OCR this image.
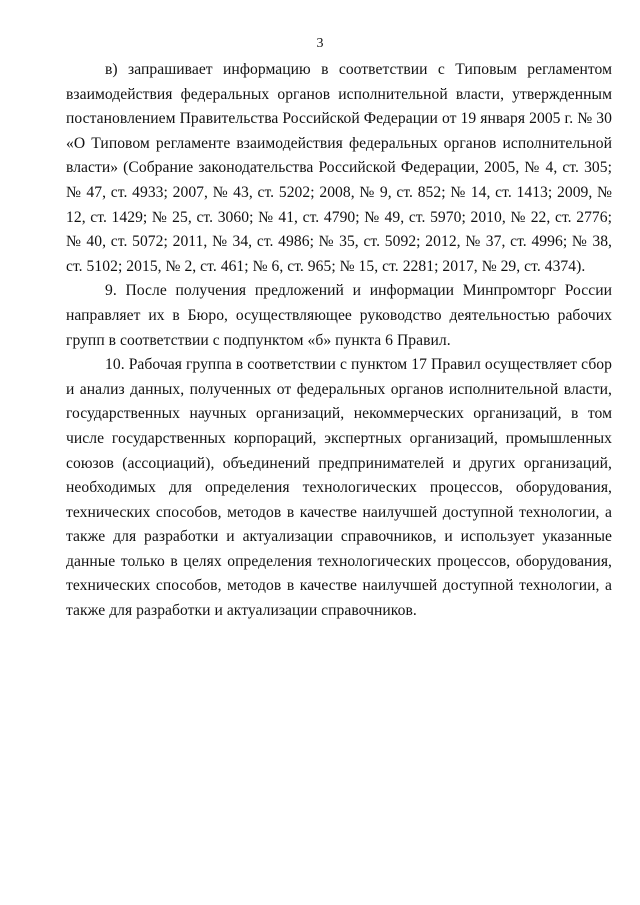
3

в) запрашивает информацию в соответствии с Типовым регламентом взаимодействия федеральных органов исполнительной власти, утвержденным постановлением Правительства Российской Федерации от 19 января 2005 г. № 30 «О Типовом регламенте взаимодействия федеральных органов исполнительной власти» (Собрание законодательства Российской Федерации, 2005, № 4, ст. 305; № 47, ст. 4933; 2007, № 43, ст. 5202; 2008, № 9, ст. 852; № 14, ст. 1413; 2009, № 12, ст. 1429; № 25, ст. 3060; № 41, ст. 4790; № 49, ст. 5970; 2010, № 22, ст. 2776; № 40, ст. 5072; 2011, № 34, ст. 4986; № 35, ст. 5092; 2012, № 37, ст. 4996; № 38, ст. 5102; 2015, № 2, ст. 461; № 6, ст. 965; № 15, ст. 2281; 2017, № 29, ст. 4374).

9. После получения предложений и информации Минпромторг России направляет их в Бюро, осуществляющее руководство деятельностью рабочих групп в соответствии с подпунктом «б» пункта 6 Правил.

10. Рабочая группа в соответствии с пунктом 17 Правил осуществляет сбор и анализ данных, полученных от федеральных органов исполнительной власти, государственных научных организаций, некоммерческих организаций, в том числе государственных корпораций, экспертных организаций, промышленных союзов (ассоциаций), объединений предпринимателей и других организаций, необходимых для определения технологических процессов, оборудования, технических способов, методов в качестве наилучшей доступной технологии, а также для разработки и актуализации справочников, и использует указанные данные только в целях определения технологических процессов, оборудования, технических способов, методов в качестве наилучшей доступной технологии, а также для разработки и актуализации справочников.
